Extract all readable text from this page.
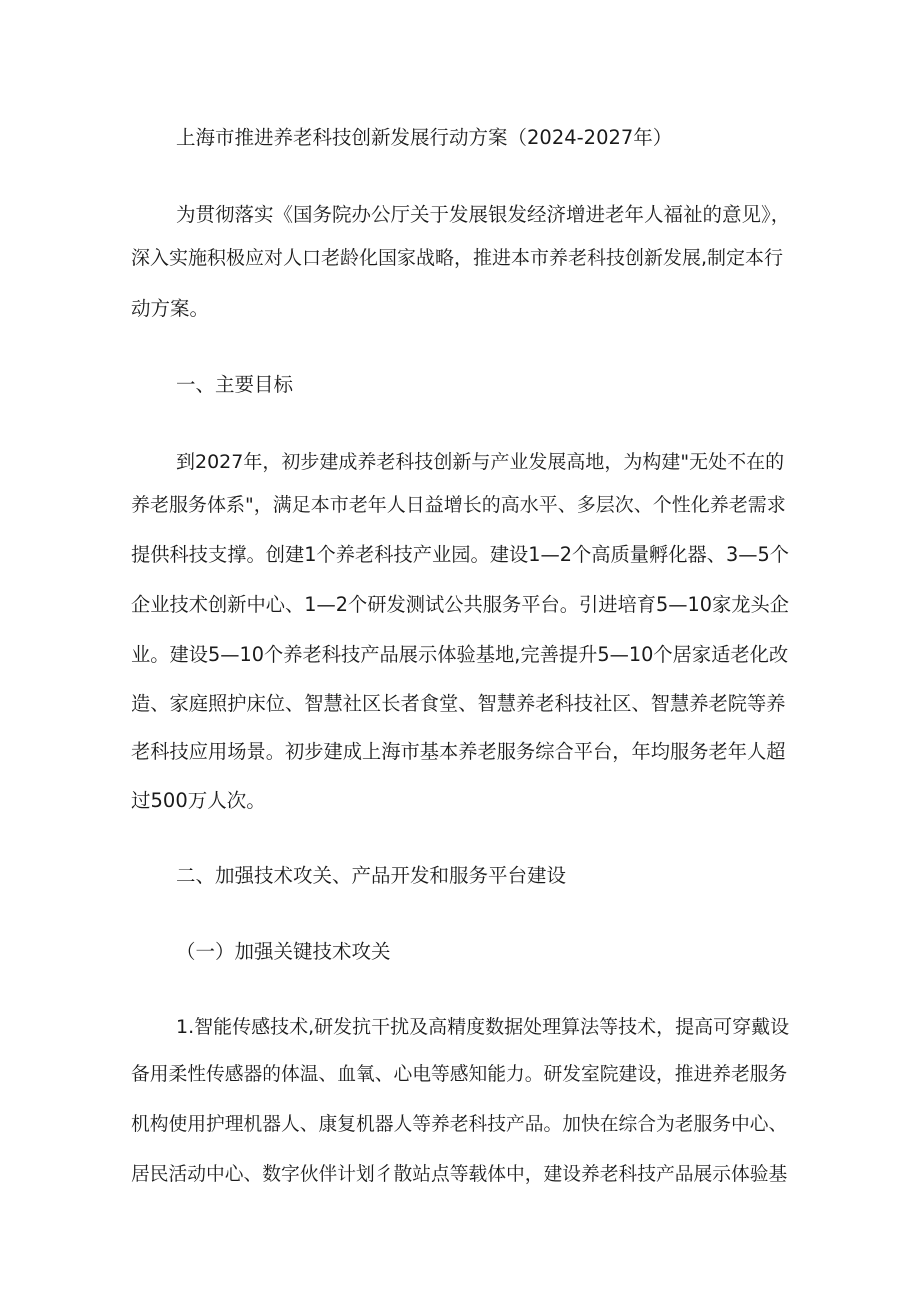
上海市推进养老科技创新发展行动方案（2024-2027年）
为贯彻落实《国务院办公厅关于发展银发经济增进老年人福祉的意见》，
深入实施积极应对人口老龄化国家战略，推进本市养老科技创新发展,制定本行
动方案。
一、主要目标
到2027年，初步建成养老科技创新与产业发展高地，为构建"无处不在的
养老服务体系"，满足本市老年人日益增长的高水平、多层次、个性化养老需求
提供科技支撑。创建1个养老科技产业园。建设1—2个高质量孵化器、3—5个
企业技术创新中心、1—2个研发测试公共服务平台。引进培育5—10家龙头企
业。建设5—10个养老科技产品展示体验基地,完善提升5—10个居家适老化改
造、家庭照护床位、智慧社区长者食堂、智慧养老科技社区、智慧养老院等养
老科技应用场景。初步建成上海市基本养老服务综合平台，年均服务老年人超
过500万人次。
二、加强技术攻关、产品开发和服务平台建设
（一）加强关键技术攻关
1.智能传感技术,研发抗干扰及高精度数据处理算法等技术，提高可穿戴设
备用柔性传感器的体温、血氧、心电等感知能力。研发室院建设，推进养老服务
机构使用护理机器人、康复机器人等养老科技产品。加快在综合为老服务中心、
居民活动中心、数字伙伴计划彳散站点等载体中，建设养老科技产品展示体验基
